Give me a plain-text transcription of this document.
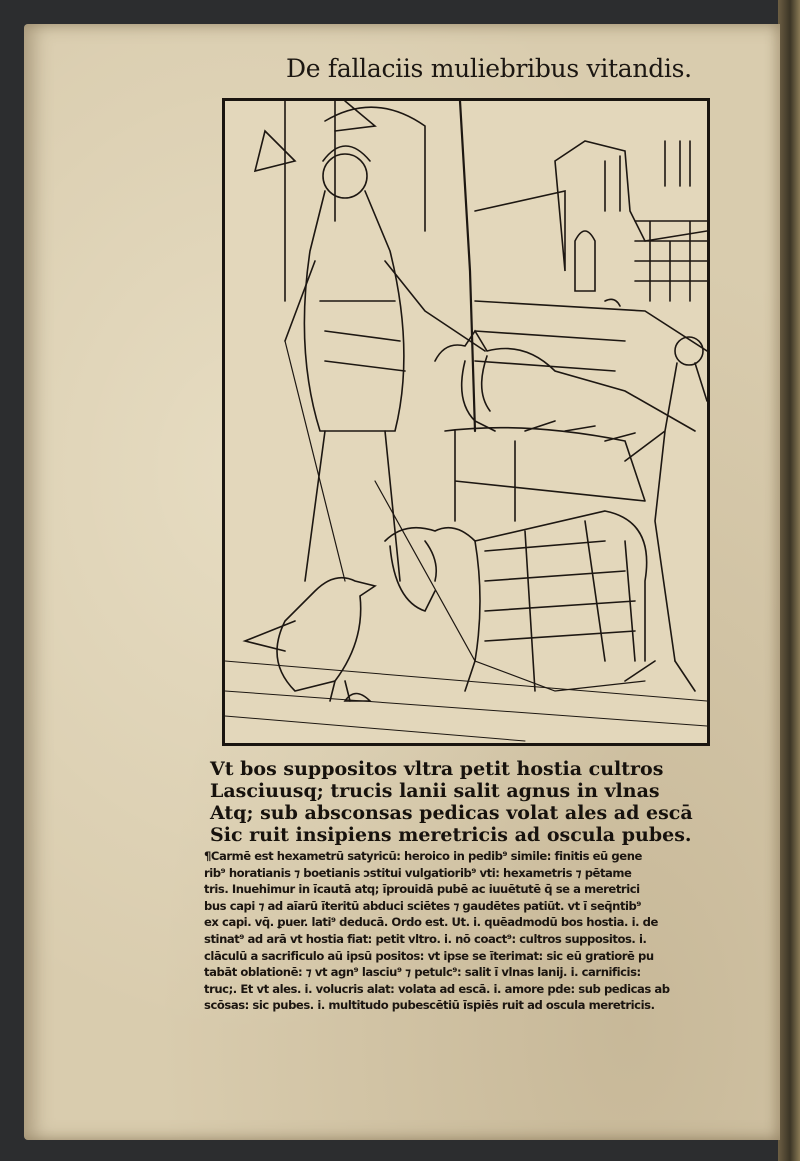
De fallaciis muliebribus vitandis.
Vt bos suppositos vltra petit hostia cultros
Lasciuusq; trucis lanii salit agnus in vlnas
Atq; sub absconsas pedicas volat ales ad escā
Sic ruit insipiens meretricis ad oscula pubes.
¶Carmē est hexametrū satyricū: heroico in pedib⁹ simile: finitis eū gene
rib⁹ horatianis ⁊ boetianis ɔstitui vulgatiorib⁹ vti: hexametris ⁊ pētame
tris. Inuehimur in īcautā atq; īprouidā pubē ac iuuētutē q̄ se a meretrici
bus capi ⁊ ad aīarū īteritū abduci sciētes ⁊ gaudētes patiūt. vt ī seq̄ntib⁹
ex capi. vq̄. ꝑuer. lati⁹ deducā. Ordo est. Ut. i. quēadmodū bos hostia. i. de
stinat⁹ ad arā vt hostia fiat: petit vltro. i. nō coact⁹: cultros suppositos. i.
clāculū a sacrificulo aū ipsū positos: vt ipse se īterimat: sic eū gratiorē pu
tabāt oblationē: ⁊ vt agn⁹ lasciu⁹ ⁊ petulc⁹: salit ī vlnas lanij. i. carnificis:
truc;. Et vt ales. i. volucris alat: volata ad escā. i. amore pde: sub pedicas ab
scōsas: sic pubes. i. multitudo pubescētiū īspiēs ruit ad oscula meretricis.
